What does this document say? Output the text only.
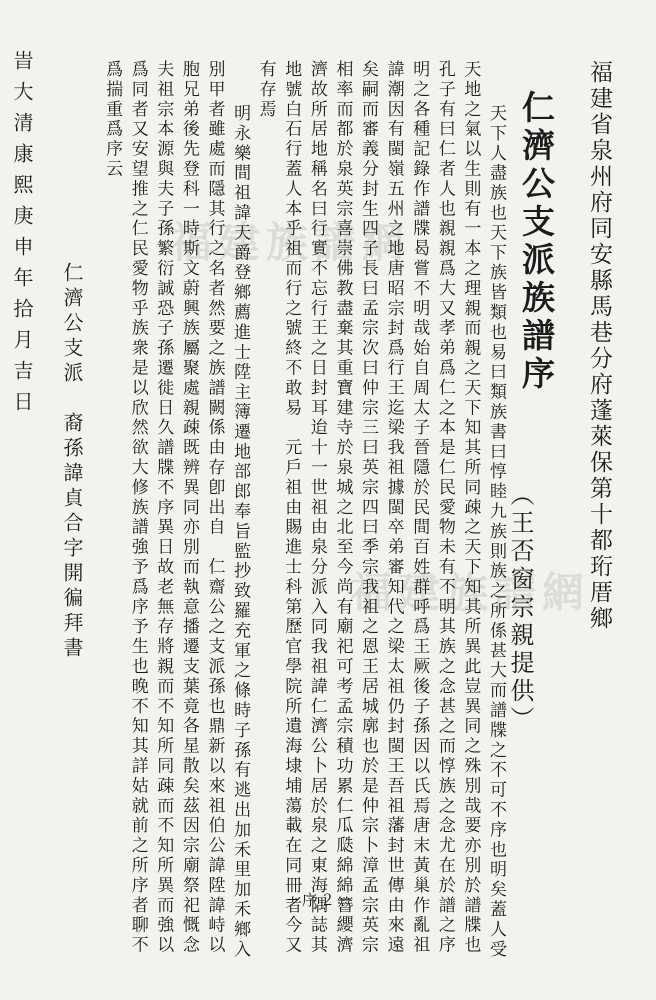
福建族譜網
福建族譜網
福建省泉州府同安縣馬巷分府蓬萊保第十都珩厝鄉
仁濟公支派族譜序
（王否窗宗親提供）

天下人盡族也天下族皆類也易曰類族書曰惇睦九族則族之所係甚大而譜牒之不可不序也明矣蓋人受天地之氣以生則有一本之理親而親之天下知其所同疎之天下知其所異此豈異同之殊別哉要亦別於譜牒也孔子有曰仁者人也親親爲大又孝弟爲仁之本是仁民愛物未有不明其族之念甚之而惇族之念尤在於譜之序明之各種記錄作譜牒曷嘗不明哉始自周太子晉隱於民間百姓群呼爲王厥後子孫因以氏焉唐末黃巢作亂祖諱潮因有閩嶺五州之地唐昭宗封爲行王迄梁我祖據閩卒弟審知代之梁太祖仍封閩王吾祖藩封世傳由來遠矣嗣而審義分封生四子長曰孟宗次曰仲宗三曰英宗四曰季宗我祖之恩王居城廓也於是仲宗卜漳孟宗英宗相率而都於泉英宗喜崇佛教盡棄其重寶建寺於泉城之北至今尚有廟祀可考孟宗積功累仁瓜瓞綿綿簪纓濟濟故所居地稱名曰行實不忘行王之日封耳迨十一世祖由泉分派入同我祖諱仁濟公卜居於泉之東海隅誌其地號白石行蓋人本乎祖而行之號終不敢易　元戶祖由賜進士科第歷官學院所遺海埭埔蕩載在同冊者今又有存焉

明永樂間祖諱天爵登鄉薦進士陞主簿遷地部郎奉旨監抄致羅充軍之條時子孫有逃出加禾里加禾鄉入別甲者雖處而隱其行之名者然要之族譜闕係由存卽出自　仁齋公之支派孫也鼎新以來祖伯公諱陞諱峙以胞兄弟後先登科一時斯文蔚興族屬聚處親疎既辨異同亦別而執意播遷支葉竟各星散矣茲因宗廟祭祀慨念夫祖宗本源與夫子孫繁衍誠恐子孫遷徙日久譜牒不序異日故老無存將親而不知所同疎而不知所異而強以爲同者又安望推之仁民愛物乎族衆是以欣然欲大修族譜強予爲序予生也晚不知其詳姑就前之所序者聊不爲揣重爲序云

仁濟公支派　裔孫諱貞合字開徧拜書
旹大清康熙庚申年拾月吉日
－序２－
